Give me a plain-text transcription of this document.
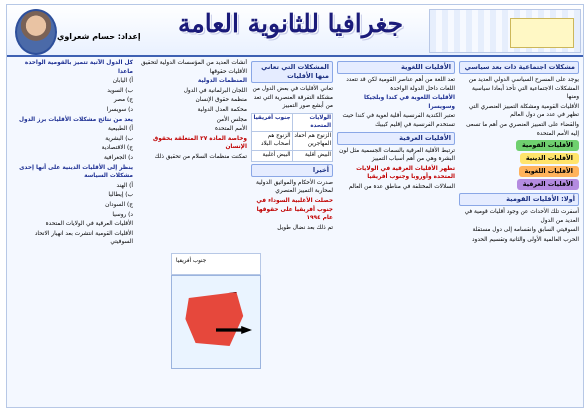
جغرافيا للثانوية العامة
إعداد: حسام شعراوي
مشكلات اجتماعية ذات بعد سياسي

يوجد على المسرح السياسي الدولي العديد من المشكلات الاجتماعية التي تأخذ أبعادا سياسية ومنها

الأقليات القومية ومشكلة التمييز العنصري التي تظهر في عدد من دول العالم

والقضاء على التمييز العنصري من أهم ما تسعى إليه الأمم المتحدة

الأقليات القومية
الأقليات الدينية
الأقليات اللغوية
الأقليات العرقية
أولا: الأقليات القومية

أسفرت تلك الأحداث عن وجود أقليات قومية في العديد من الدول

السوفيتي السابق وانقسامه إلى دول مستقلة

الحرب العالمية الأولى والثانية وتقسيم الحدود

الأقليات اللغوية

تعد اللغة من أهم عناصر القومية لكن قد تتعدد اللغات داخل الدولة الواحدة

الأقليات اللغوية في كندا وبلجيكا وسويسرا

تعتبر الكندية الفرنسية أقلية لغوية في كندا حيث تستخدم الفرنسية في إقليم كيبيك

الأقليات العرقية

ترتبط الأقلية العرقية بالسمات الجسمية مثل لون البشرة وهي من أهم أسباب التمييز

تظهر الأقليات العرقية في الولايات المتحدة وأوروبا وجنوب أفريقيا

السلالات المختلفة في مناطق عدة من العالم

المشكلات التي تعاني منها الأقليات

تعاني الأقليات في بعض الدول من مشكلة التفرقة العنصرية التي تعد من أبشع صور التمييز

الولايات المتحدة
جنوب أفريقيا
الزنوج هم أحفاد المهاجرين
الزنوج هم أصحاب البلاد
البيض أقلية
البيض أغلبية
أخيرا

صدرت الأحكام والمواثيق الدولية لمحاربة التمييز العنصري

حصلت الأغلبية السوداء في جنوب أفريقيا على حقوقها عام ١٩٩٤

تم ذلك بعد نضال طويل

أنشأت العديد من المؤسسات الدولية لتحقيق الأقليات حقوقها

المنظمات الدولية

اللجان البرلمانية في الدول

منظمة حقوق الإنسان

محكمة العدل الدولية

مجلس الأمن

الأمم المتحدة

وخاصة المادة ٢٧ المتعلقة بحقوق الإنسان

تمكنت منظمات السلام من تحقيق ذلك

كل الدول الآتية تتميز بالقومية الواحدة ماعدا

أ) اليابان

ب) السويد

ج) مصر

د) سويسرا

يعد من نتائج مشكلات الأقليات برز الدول

أ) الطبيعية

ب) البشرية

ج) الاقتصادية

د) الجغرافية

ينظر إلى الأقليات الدينية على أنها إحدى مشكلات السياسة

أ) الهند

ب) إيطاليا

ج) السودان

د) روسيا

الأقليات العرقية في الولايات المتحدة

الأقليات القومية انتشرت بعد انهيار الاتحاد السوفيتي

جنوب أفريقيا
